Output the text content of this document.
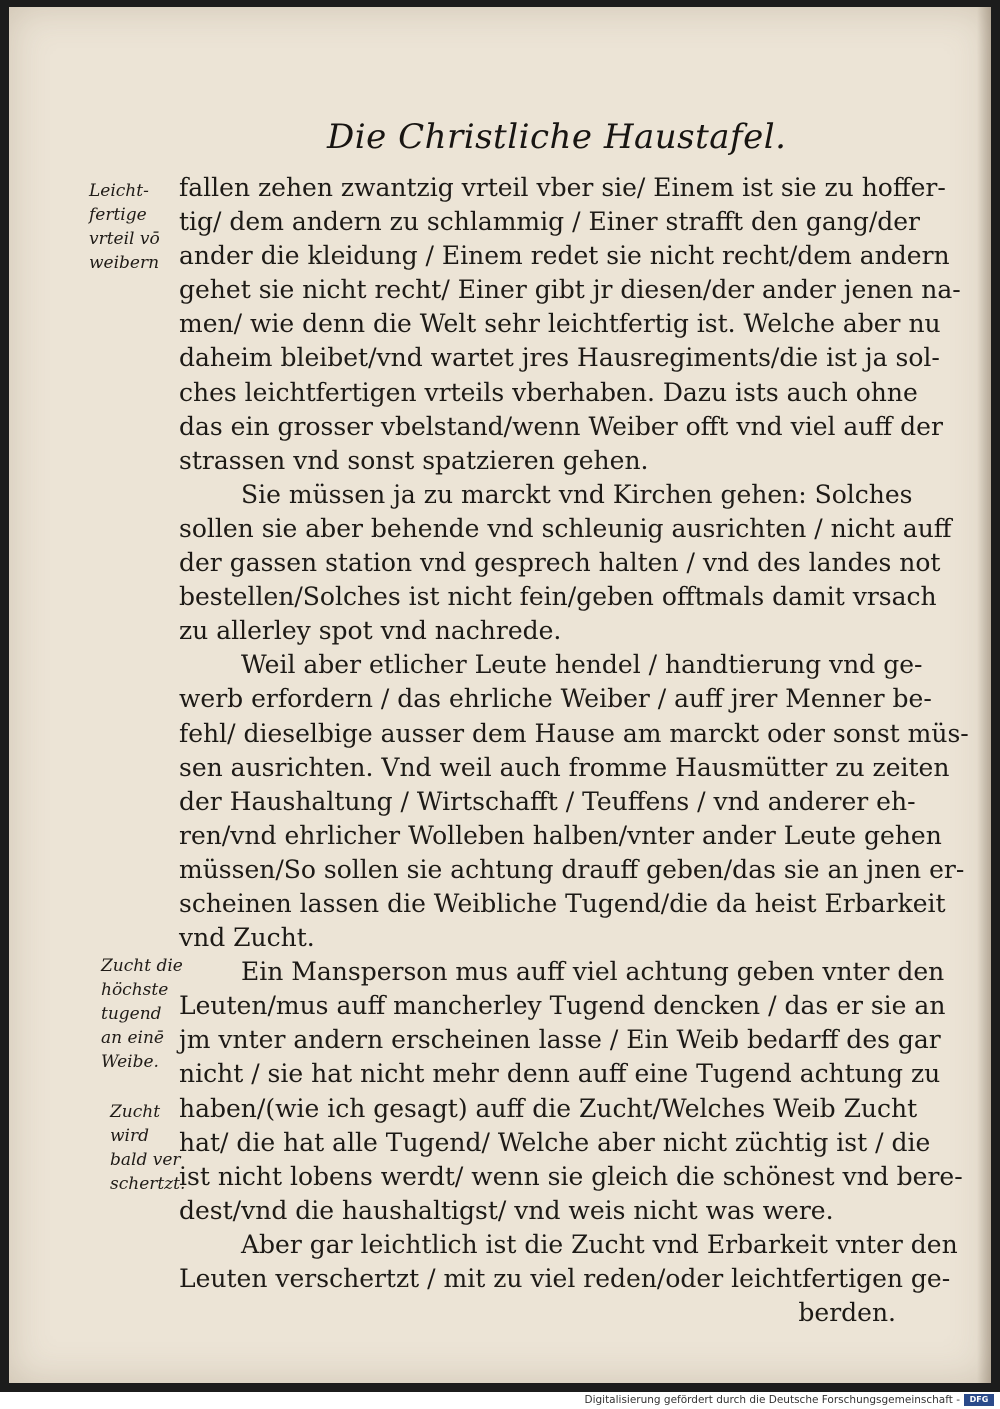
Die Christliche Haustafel.
Leicht-
fertige
vrteil vō
weibern
Zucht die
höchste
tugend
an einē
Weibe.
Zucht
wird
bald ver
schertzt.
fallen zehen zwantzig vrteil vber sie/ Einem ist sie zu hoffer-
tig/ dem andern zu schlammig / Einer strafft den gang/der
ander die kleidung / Einem redet sie nicht recht/dem andern
gehet sie nicht recht/ Einer gibt jr diesen/der ander jenen na-
men/ wie denn die Welt sehr leichtfertig ist. Welche aber nu
daheim bleibet/vnd wartet jres Hausregiments/die ist ja sol-
ches leichtfertigen vrteils vberhaben. Dazu ists auch ohne
das ein grosser vbelstand/wenn Weiber offt vnd viel auff der
strassen vnd sonst spatzieren gehen.
Sie müssen ja zu marckt vnd Kirchen gehen: Solches
sollen sie aber behende vnd schleunig ausrichten / nicht auff
der gassen station vnd gesprech halten / vnd des landes not
bestellen/Solches ist nicht fein/geben offtmals damit vrsach
zu allerley spot vnd nachrede.
Weil aber etlicher Leute hendel / handtierung vnd ge-
werb erfordern / das ehrliche Weiber / auff jrer Menner be-
fehl/ dieselbige ausser dem Hause am marckt oder sonst müs-
sen ausrichten. Vnd weil auch fromme Hausmütter zu zeiten
der Haushaltung / Wirtschafft / Teuffens / vnd anderer eh-
ren/vnd ehrlicher Wolleben halben/vnter ander Leute gehen
müssen/So sollen sie achtung drauff geben/das sie an jnen er-
scheinen lassen die Weibliche Tugend/die da heist Erbarkeit
vnd Zucht.
Ein Mansperson mus auff viel achtung geben vnter den
Leuten/mus auff mancherley Tugend dencken / das er sie an
jm vnter andern erscheinen lasse / Ein Weib bedarff des gar
nicht / sie hat nicht mehr denn auff eine Tugend achtung zu
haben/(wie ich gesagt) auff die Zucht/Welches Weib Zucht
hat/ die hat alle Tugend/ Welche aber nicht züchtig ist / die
ist nicht lobens werdt/ wenn sie gleich die schönest vnd bere-
dest/vnd die haushaltigst/ vnd weis nicht was were.
Aber gar leichtlich ist die Zucht vnd Erbarkeit vnter den
Leuten verschertzt / mit zu viel reden/oder leichtfertigen ge-
berden.
Digitalisierung gefördert durch die Deutsche Forschungsgemeinschaft -	DFG
